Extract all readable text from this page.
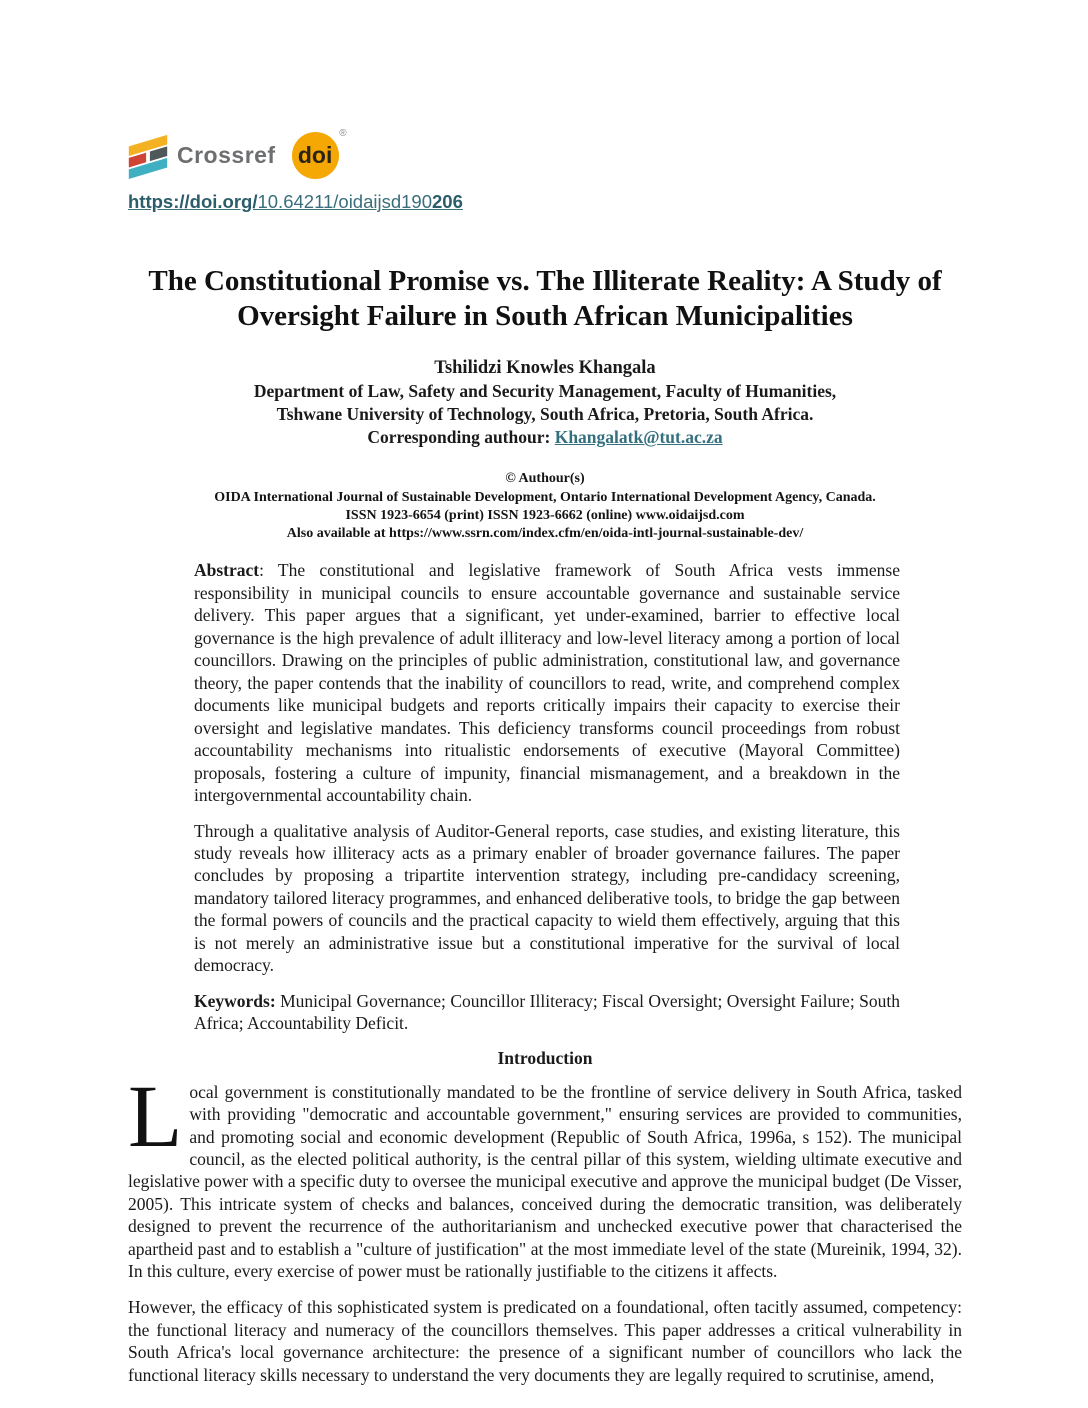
Crossref doi
®
https://doi.org/10.64211/oidaijsd190206
The Constitutional Promise vs. The Illiterate Reality: A Study of
Oversight Failure in South African Municipalities
Tshilidzi Knowles Khangala
Department of Law, Safety and Security Management, Faculty of Humanities,
Tshwane University of Technology, South Africa, Pretoria, South Africa.
Corresponding authour: Khangalatk@tut.ac.za
© Authour(s)
OIDA International Journal of Sustainable Development, Ontario International Development Agency, Canada.
ISSN 1923-6654 (print) ISSN 1923-6662 (online) www.oidaijsd.com
Also available at https://www.ssrn.com/index.cfm/en/oida-intl-journal-sustainable-dev/

Abstract: The constitutional and legislative framework of South Africa vests immense responsibility in municipal councils to ensure accountable governance and sustainable service delivery. This paper argues that a significant, yet under-examined, barrier to effective local governance is the high prevalence of adult illiteracy and low-level literacy among a portion of local councillors. Drawing on the principles of public administration, constitutional law, and governance theory, the paper contends that the inability of councillors to read, write, and comprehend complex documents like municipal budgets and reports critically impairs their capacity to exercise their oversight and legislative mandates. This deficiency transforms council proceedings from robust accountability mechanisms into ritualistic endorsements of executive (Mayoral Committee) proposals, fostering a culture of impunity, financial mismanagement, and a breakdown in the intergovernmental accountability chain.

Through a qualitative analysis of Auditor-General reports, case studies, and existing literature, this study reveals how illiteracy acts as a primary enabler of broader governance failures. The paper concludes by proposing a tripartite intervention strategy, including pre-candidacy screening, mandatory tailored literacy programmes, and enhanced deliberative tools, to bridge the gap between the formal powers of councils and the practical capacity to wield them effectively, arguing that this is not merely an administrative issue but a constitutional imperative for the survival of local democracy.

Keywords: Municipal Governance; Councillor Illiteracy; Fiscal Oversight; Oversight Failure; South Africa; Accountability Deficit.

Introduction

Local government is constitutionally mandated to be the frontline of service delivery in South Africa, tasked with providing "democratic and accountable government," ensuring services are provided to communities, and promoting social and economic development (Republic of South Africa, 1996a, s 152). The municipal council, as the elected political authority, is the central pillar of this system, wielding ultimate executive and legislative power with a specific duty to oversee the municipal executive and approve the municipal budget (De Visser, 2005). This intricate system of checks and balances, conceived during the democratic transition, was deliberately designed to prevent the recurrence of the authoritarianism and unchecked executive power that characterised the apartheid past and to establish a "culture of justification" at the most immediate level of the state (Mureinik, 1994, 32). In this culture, every exercise of power must be rationally justifiable to the citizens it affects.

However, the efficacy of this sophisticated system is predicated on a foundational, often tacitly assumed, competency: the functional literacy and numeracy of the councillors themselves. This paper addresses a critical vulnerability in South Africa's local governance architecture: the presence of a significant number of councillors who lack the functional literacy skills necessary to understand the very documents they are legally required to scrutinise, amend,
